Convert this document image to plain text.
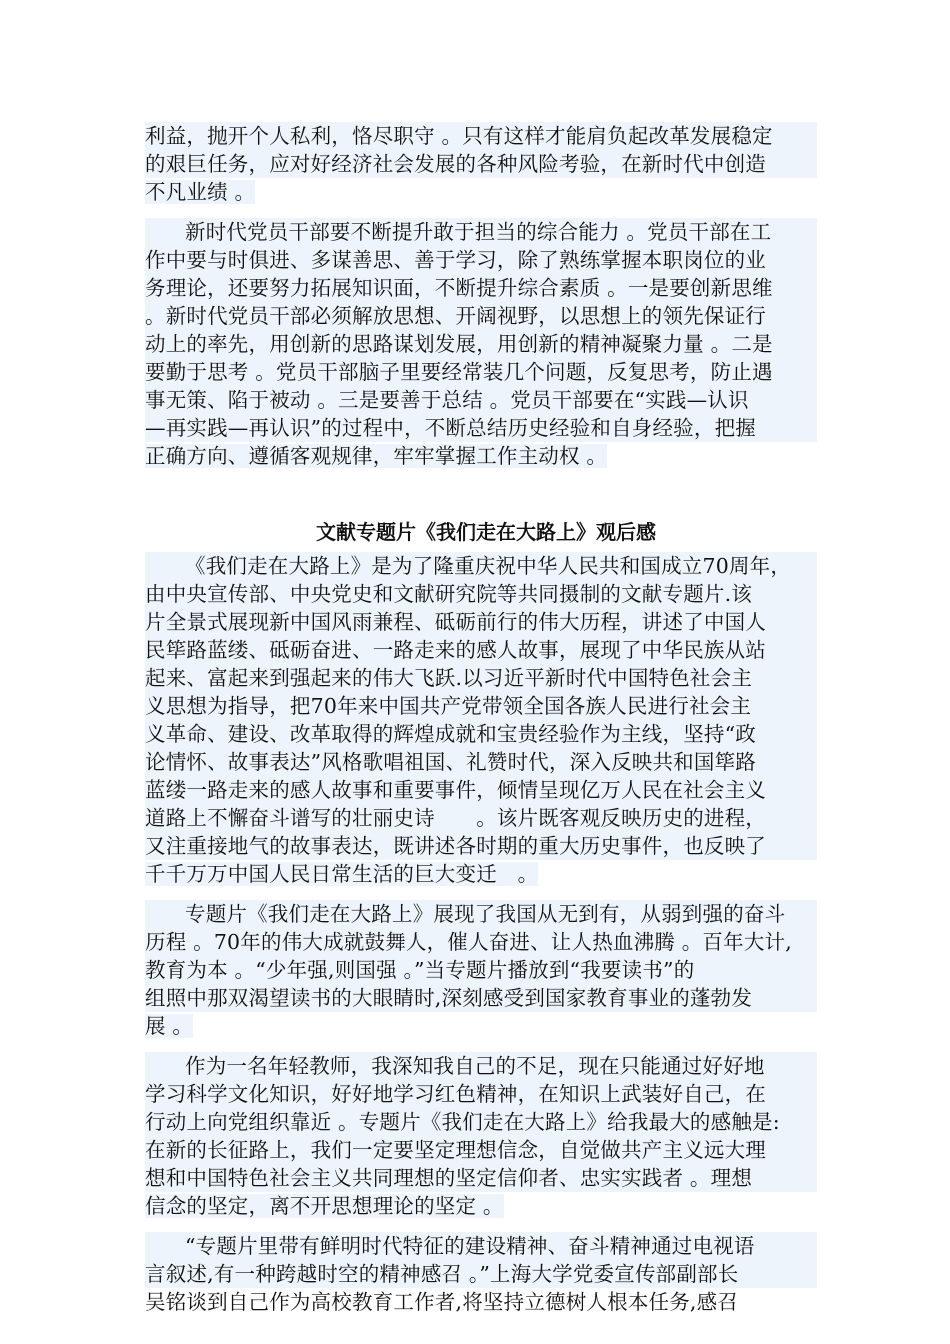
利益，抛开个人私利，恪尽职守 。只有这样才能肩负起改革发展稳定
的艰巨任务，应对好经济社会发展的各种风险考验，在新时代中创造
不凡业绩 。
新时代党员干部要不断提升敢于担当的综合能力 。党员干部在工
作中要与时俱进、多谋善思、善于学习，除了熟练掌握本职岗位的业
务理论，还要努力拓展知识面，不断提升综合素质 。一是要创新思维
。新时代党员干部必须解放思想、开阔视野，以思想上的领先保证行
动上的率先，用创新的思路谋划发展，用创新的精神凝聚力量 。二是
要勤于思考 。党员干部脑子里要经常装几个问题，反复思考，防止遇
事无策、陷于被动 。三是要善于总结 。党员干部要在“实践—认识
—再实践—再认识”的过程中，不断总结历史经验和自身经验，把握
正确方向、遵循客观规律，牢牢掌握工作主动权 。
文献专题片《我们走在大路上》观后感
《我们走在大路上》是为了隆重庆祝中华人民共和国成立70周年，
由中央宣传部、中央党史和文献研究院等共同摄制的文献专题片.该
片全景式展现新中国风雨兼程、砥砺前行的伟大历程，讲述了中国人
民筚路蓝缕、砥砺奋进、一路走来的感人故事，展现了中华民族从站
起来、富起来到强起来的伟大飞跃.以习近平新时代中国特色社会主
义思想为指导，把70年来中国共产党带领全国各族人民进行社会主
义革命、建设、改革取得的辉煌成就和宝贵经验作为主线，坚持“政
论情怀、故事表达”风格歌唱祖国、礼赞时代，深入反映共和国筚路
蓝缕一路走来的感人故事和重要事件，倾情呈现亿万人民在社会主义
道路上不懈奋斗谱写的壮丽史诗　　。该片既客观反映历史的进程，
又注重接地气的故事表达，既讲述各时期的重大历史事件，也反映了
千千万万中国人民日常生活的巨大变迁　。
专题片《我们走在大路上》展现了我国从无到有，从弱到强的奋斗
历程 。70年的伟大成就鼓舞人，催人奋进、让人热血沸腾 。百年大计,
教育为本 。“少年强,则国强 。”当专题片播放到“我要读书”的
组照中那双渴望读书的大眼睛时,深刻感受到国家教育事业的蓬勃发
展 。
作为一名年轻教师，我深知我自己的不足，现在只能通过好好地
学习科学文化知识，好好地学习红色精神，在知识上武装好自己，在
行动上向党组织靠近 。专题片《我们走在大路上》给我最大的感触是:
在新的长征路上，我们一定要坚定理想信念，自觉做共产主义远大理
想和中国特色社会主义共同理想的坚定信仰者、忠实实践者 。理想
信念的坚定，离不开思想理论的坚定 。
“专题片里带有鲜明时代特征的建设精神、奋斗精神通过电视语
言叙述,有一种跨越时空的精神感召 。”上海大学党委宣传部副部长
吴铭谈到自己作为高校教育工作者,将坚持立德树人根本任务,感召
